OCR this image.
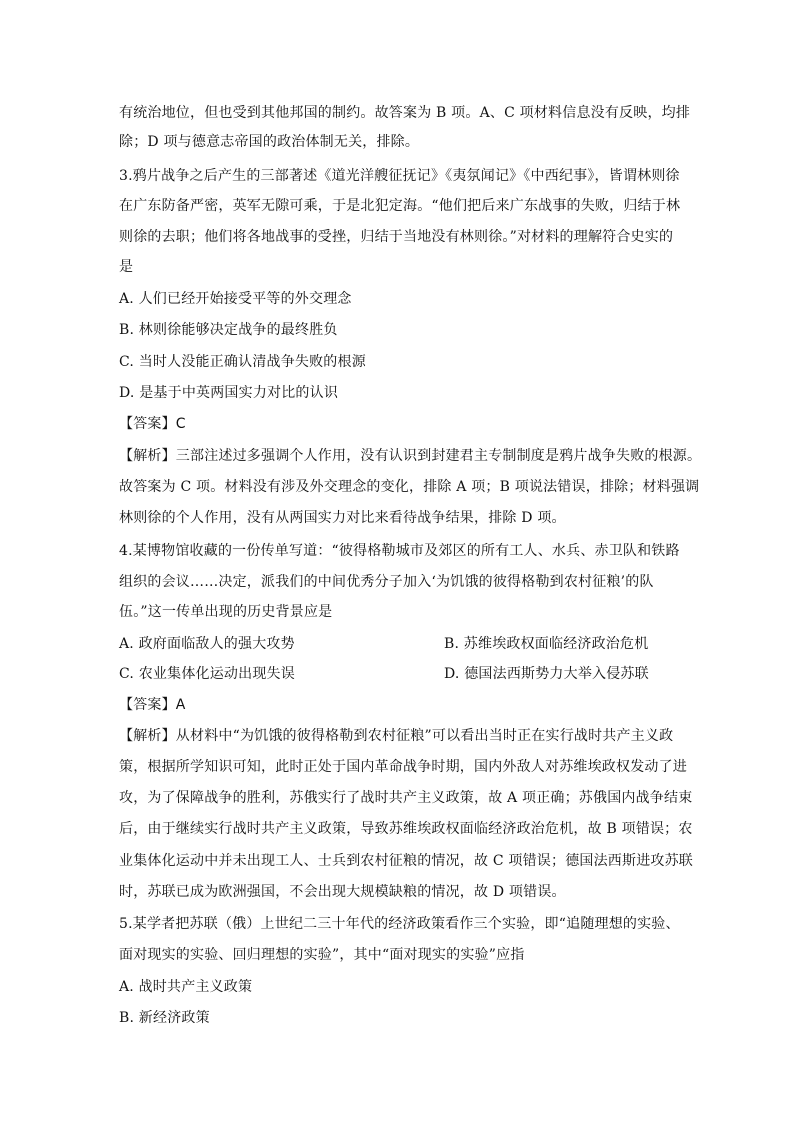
有统治地位，但也受到其他邦国的制约。故答案为 B 项。A、C 项材料信息没有反映，均排
除；D 项与德意志帝国的政治体制无关，排除。
3.鸦片战争之后产生的三部著述《道光洋艘征抚记》《夷氛闻记》《中西纪事》，皆谓林则徐
在广东防备严密，英军无隙可乘，于是北犯定海。“他们把后来广东战事的失败，归结于林
则徐的去职；他们将各地战事的受挫，归结于当地没有林则徐。”对材料的理解符合史实的
是
A. 人们已经开始接受平等的外交理念
B. 林则徐能够决定战争的最终胜负
C. 当时人没能正确认清战争失败的根源
D. 是基于中英两国实力对比的认识
【答案】C
【解析】三部注述过多强调个人作用，没有认识到封建君主专制制度是鸦片战争失败的根源。
故答案为 C 项。材料没有涉及外交理念的变化，排除 A 项；B 项说法错误，排除；材料强调
林则徐的个人作用，没有从两国实力对比来看待战争结果，排除 D 项。
4.某博物馆收藏的一份传单写道：“彼得格勒城市及郊区的所有工人、水兵、赤卫队和铁路
组织的会议……决定，派我们的中间优秀分子加入‘为饥饿的彼得格勒到农村征粮’的队
伍。”这一传单出现的历史背景应是
A. 政府面临敌人的强大攻势	B. 苏维埃政权面临经济政治危机
C. 农业集体化运动出现失误	D. 德国法西斯势力大举入侵苏联
【答案】A
【解析】从材料中“为饥饿的彼得格勒到农村征粮”可以看出当时正在实行战时共产主义政
策，根据所学知识可知，此时正处于国内革命战争时期，国内外敌人对苏维埃政权发动了进
攻，为了保障战争的胜利，苏俄实行了战时共产主义政策，故 A 项正确；苏俄国内战争结束
后，由于继续实行战时共产主义政策，导致苏维埃政权面临经济政治危机，故 B 项错误；农
业集体化运动中并未出现工人、士兵到农村征粮的情况，故 C 项错误；德国法西斯进攻苏联
时，苏联已成为欧洲强国，不会出现大规模缺粮的情况，故 D 项错误。
5.某学者把苏联（俄）上世纪二三十年代的经济政策看作三个实验，即“追随理想的实验、
面对现实的实验、回归理想的实验”，其中“面对现实的实验”应指
A. 战时共产主义政策
B. 新经济政策
